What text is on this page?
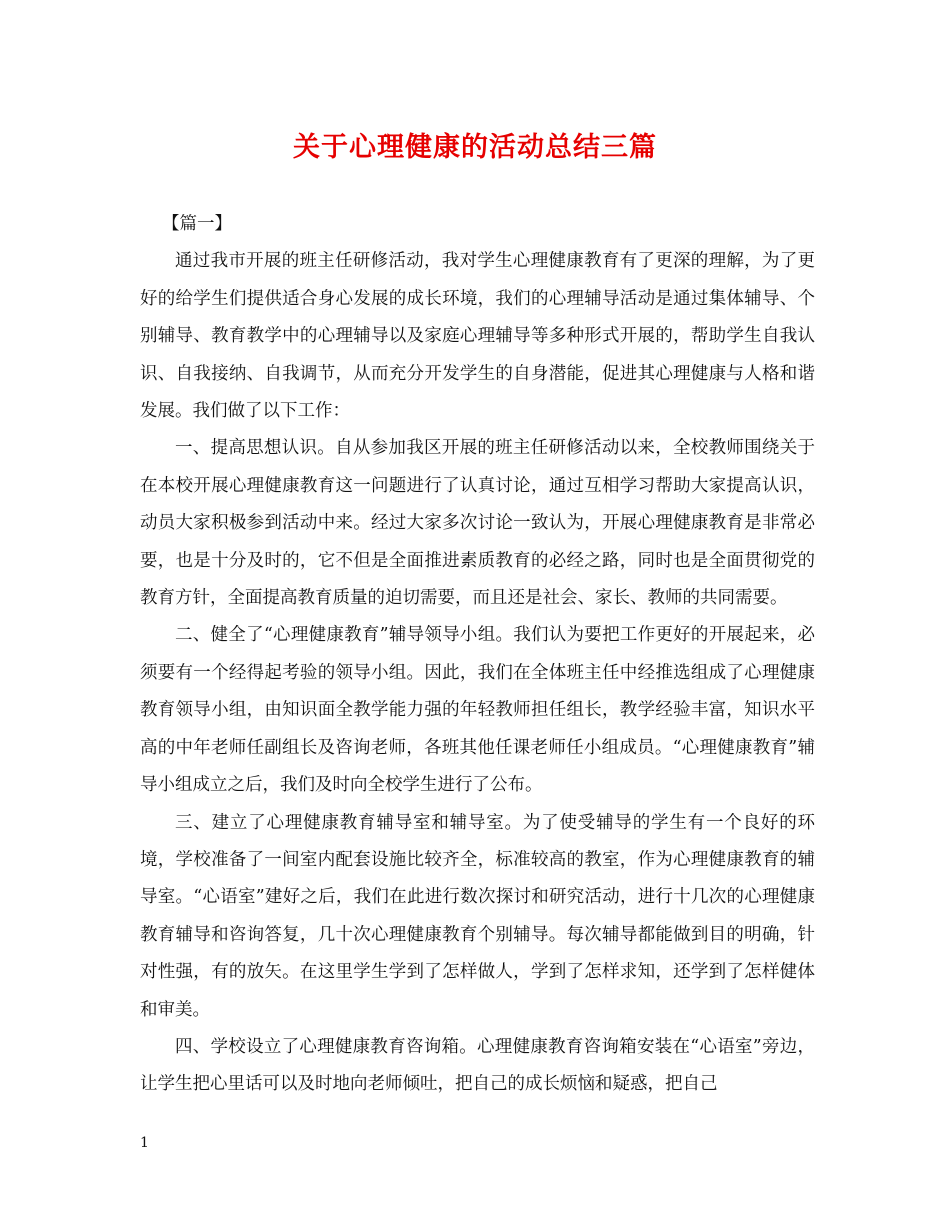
关于心理健康的活动总结三篇

【篇一】

通过我市开展的班主任研修活动，我对学生心理健康教育有了更深的理解，为了更好的给学生们提供适合身心发展的成长环境，我们的心理辅导活动是通过集体辅导、个别辅导、教育教学中的心理辅导以及家庭心理辅导等多种形式开展的，帮助学生自我认识、自我接纳、自我调节，从而充分开发学生的自身潜能，促进其心理健康与人格和谐发展。我们做了以下工作：

一、提高思想认识。自从参加我区开展的班主任研修活动以来，全校教师围绕关于在本校开展心理健康教育这一问题进行了认真讨论，通过互相学习帮助大家提高认识，动员大家积极参到活动中来。经过大家多次讨论一致认为，开展心理健康教育是非常必要，也是十分及时的，它不但是全面推进素质教育的必经之路，同时也是全面贯彻党的教育方针，全面提高教育质量的迫切需要，而且还是社会、家长、教师的共同需要。

二、健全了“心理健康教育”辅导领导小组。我们认为要把工作更好的开展起来，必须要有一个经得起考验的领导小组。因此，我们在全体班主任中经推选组成了心理健康教育领导小组，由知识面全教学能力强的年轻教师担任组长，教学经验丰富，知识水平高的中年老师任副组长及咨询老师，各班其他任课老师任小组成员。“心理健康教育”辅导小组成立之后，我们及时向全校学生进行了公布。

三、建立了心理健康教育辅导室和辅导室。为了使受辅导的学生有一个良好的环境，学校准备了一间室内配套设施比较齐全，标准较高的教室，作为心理健康教育的辅导室。“心语室”建好之后，我们在此进行数次探讨和研究活动，进行十几次的心理健康教育辅导和咨询答复，几十次心理健康教育个别辅导。每次辅导都能做到目的明确，针对性强，有的放矢。在这里学生学到了怎样做人，学到了怎样求知，还学到了怎样健体和审美。

四、学校设立了心理健康教育咨询箱。心理健康教育咨询箱安装在“心语室”旁边，让学生把心里话可以及时地向老师倾吐，把自己的成长烦恼和疑惑，把自己

1
